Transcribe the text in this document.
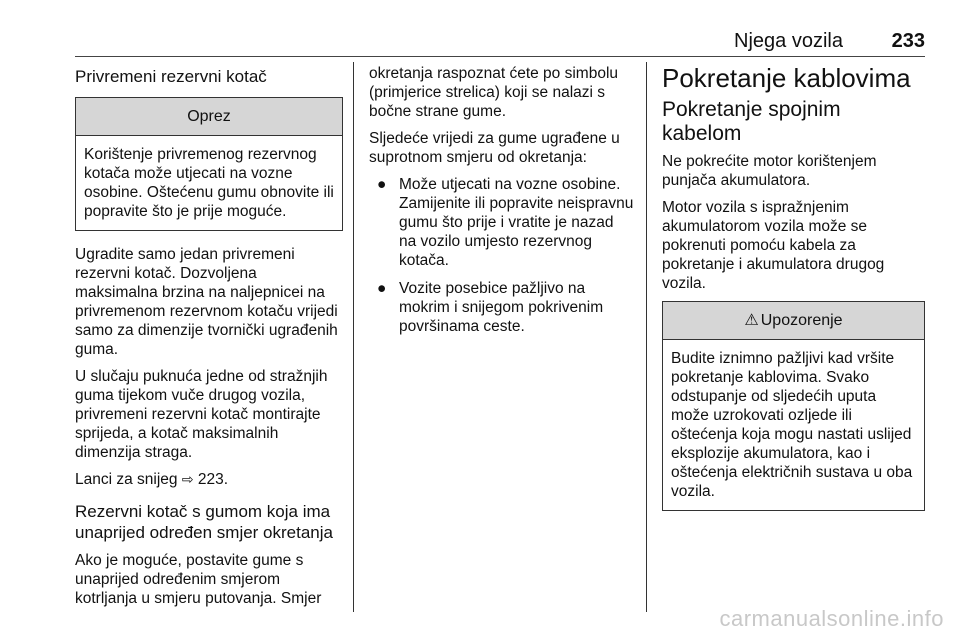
Njega vozila 233
Privremeni rezervni kotač
Oprez
Korištenje privremenog rezervnog kotača može utjecati na vozne osobine. Oštećenu gumu obnovite ili popravite što je prije moguće.

Ugradite samo jedan privremeni rezervni kotač. Dozvoljena maksimalna brzina na naljepnicei na privremenom rezervnom kotaču vrijedi samo za dimenzije tvornički ugrađenih guma.

U slučaju puknuća jedne od stražnjih guma tijekom vuče drugog vozila, privremeni rezervni kotač montirajte sprijeda, a kotač maksimalnih dimenzija straga.

Lanci za snijeg ⇨ 223.

Rezervni kotač s gumom koja ima unaprijed određen smjer okretanja

Ako je moguće, postavite gume s unaprijed određenim smjerom kotrljanja u smjeru putovanja. Smjer

okretanja raspoznat ćete po simbolu (primjerice strelica) koji se nalazi s bočne strane gume.

Sljedeće vrijedi za gume ugrađene u suprotnom smjeru od okretanja:

● Može utjecati na vozne osobine. Zamijenite ili popravite neispravnu gumu što prije i vratite je nazad na vozilo umjesto rezervnog kotača.
● Vozite posebice pažljivo na mokrim i snijegom pokrivenim površinama ceste.
Pokretanje kablovima
Pokretanje spojnim kabelom

Ne pokrećite motor korištenjem punjača akumulatora.

Motor vozila s ispražnjenim akumulatorom vozila može se pokrenuti pomoću kabela za pokretanje i akumulatora drugog vozila.

⚠ Upozorenje
Budite iznimno pažljivi kad vršite pokretanje kablovima. Svako odstupanje od sljedećih uputa može uzrokovati ozljede ili oštećenja koja mogu nastati uslijed eksplozije akumulatora, kao i oštećenja električnih sustava u oba vozila.
carmanualsonline.info
